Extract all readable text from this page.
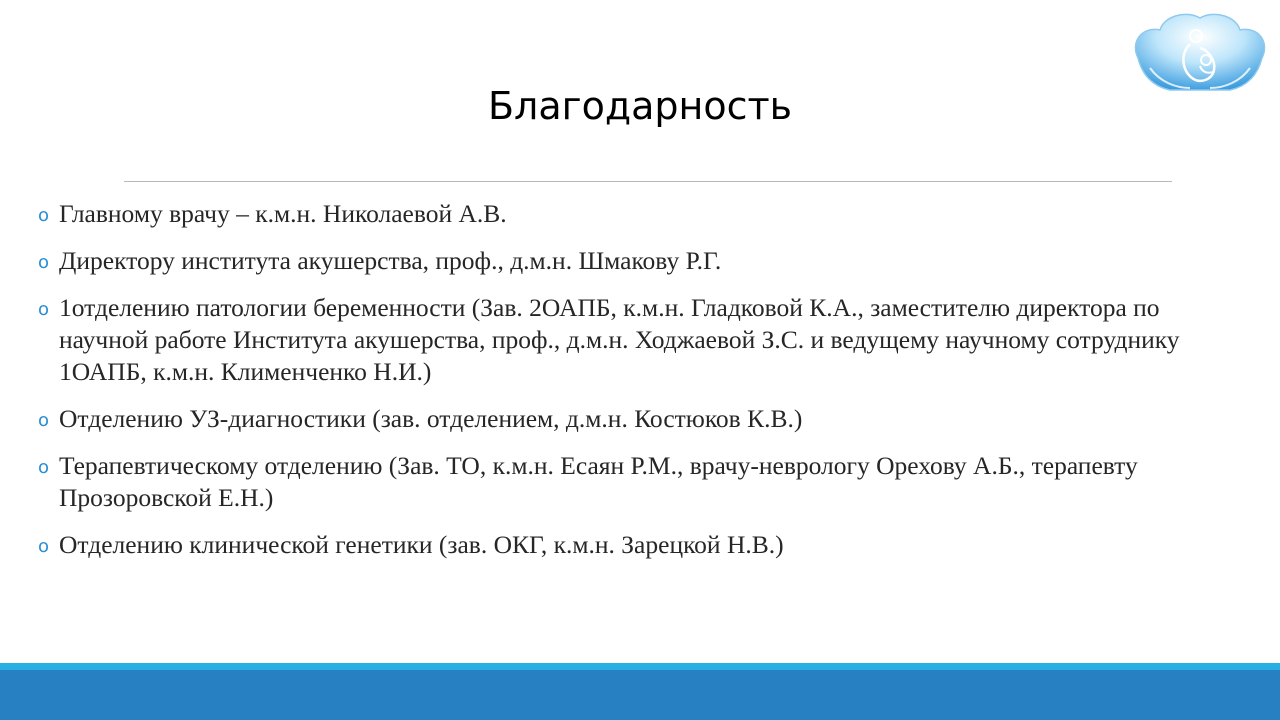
Благодарность
o Главному врачу – к.м.н. Николаевой А.В.
o Директору института акушерства, проф., д.м.н. Шмакову Р.Г.
o 1отделению патологии беременности (Зав. 2ОАПБ, к.м.н. Гладковой К.А., заместителю директора по научной работе Института акушерства, проф., д.м.н. Ходжаевой З.С. и ведущему научному сотруднику 1ОАПБ, к.м.н. Клименченко Н.И.)
o Отделению УЗ-диагностики (зав. отделением, д.м.н. Костюков К.В.)
o Терапевтическому отделению (Зав. ТО, к.м.н. Есаян Р.М., врачу-неврологу Орехову А.Б., терапевту Прозоровской Е.Н.)
o Отделению клинической генетики (зав. ОКГ, к.м.н. Зарецкой Н.В.)
